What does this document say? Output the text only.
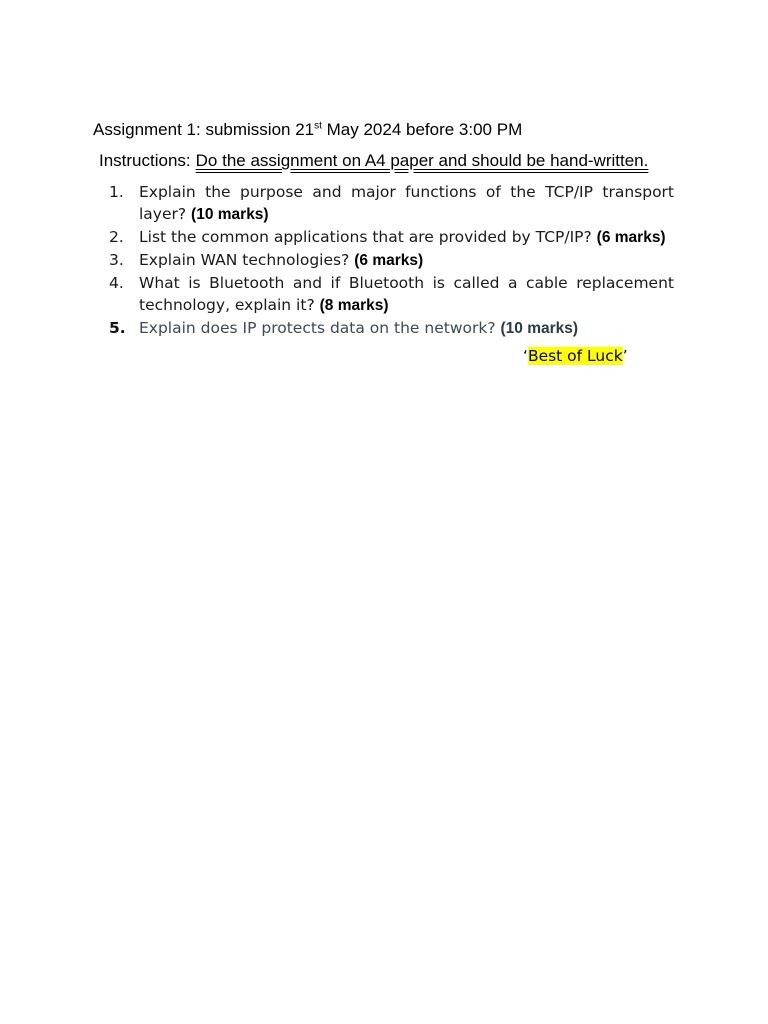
Assignment 1: submission 21st May 2024 before 3:00 PM
Instructions: Do the assignment on A4 paper and should be hand-written.
1. Explain the purpose and major functions of the TCP/IP transport layer? (10 marks)
2. List the common applications that are provided by TCP/IP? (6 marks)
3. Explain WAN technologies? (6 marks)
4. What is Bluetooth and if Bluetooth is called a cable replacement technology, explain it? (8 marks)
5. Explain does IP protects data on the network? (10 marks)
‘Best of Luck’
